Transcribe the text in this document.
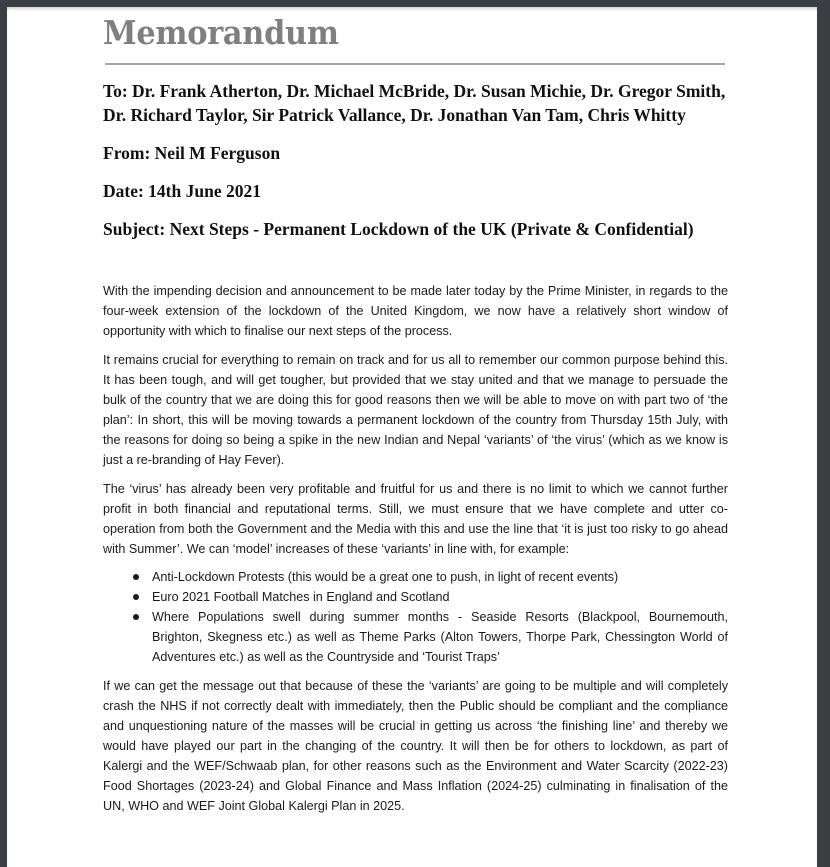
Memorandum
To: Dr. Frank Atherton, Dr. Michael McBride, Dr. Susan Michie, Dr. Gregor Smith, Dr. Richard Taylor, Sir Patrick Vallance, Dr. Jonathan Van Tam, Chris Whitty
From: Neil M Ferguson
Date: 14th June 2021
Subject: Next Steps - Permanent Lockdown of the UK (Private & Confidential)

With the impending decision and announcement to be made later today by the Prime Minister, in regards to the four-week extension of the lockdown of the United Kingdom, we now have a relatively short window of opportunity with which to finalise our next steps of the process.

It remains crucial for everything to remain on track and for us all to remember our common purpose behind this. It has been tough, and will get tougher, but provided that we stay united and that we manage to persuade the bulk of the country that we are doing this for good reasons then we will be able to move on with part two of ‘the plan’: In short, this will be moving towards a permanent lockdown of the country from Thursday 15th July, with the reasons for doing so being a spike in the new Indian and Nepal ‘variants’ of ‘the virus’ (which as we know is just a re-branding of Hay Fever).

The ‘virus’ has already been very profitable and fruitful for us and there is no limit to which we cannot further profit in both financial and reputational terms. Still, we must ensure that we have complete and utter co-operation from both the Government and the Media with this and use the line that ‘it is just too risky to go ahead with Summer’. We can ‘model’ increases of these ‘variants’ in line with, for example:

Anti-Lockdown Protests (this would be a great one to push, in light of recent events)
Euro 2021 Football Matches in England and Scotland
Where Populations swell during summer months - Seaside Resorts (Blackpool, Bournemouth, Brighton, Skegness etc.) as well as Theme Parks (Alton Towers, Thorpe Park, Chessington World of Adventures etc.) as well as the Countryside and ‘Tourist Traps’

If we can get the message out that because of these the ‘variants’ are going to be multiple and will completely crash the NHS if not correctly dealt with immediately, then the Public should be compliant and the compliance and unquestioning nature of the masses will be crucial in getting us across ‘the finishing line’ and thereby we would have played our part in the changing of the country. It will then be for others to lockdown, as part of Kalergi and the WEF/Schwaab plan, for other reasons such as the Environment and Water Scarcity (2022-23) Food Shortages (2023-24) and Global Finance and Mass Inflation (2024-25) culminating in finalisation of the UN, WHO and WEF Joint Global Kalergi Plan in 2025.
